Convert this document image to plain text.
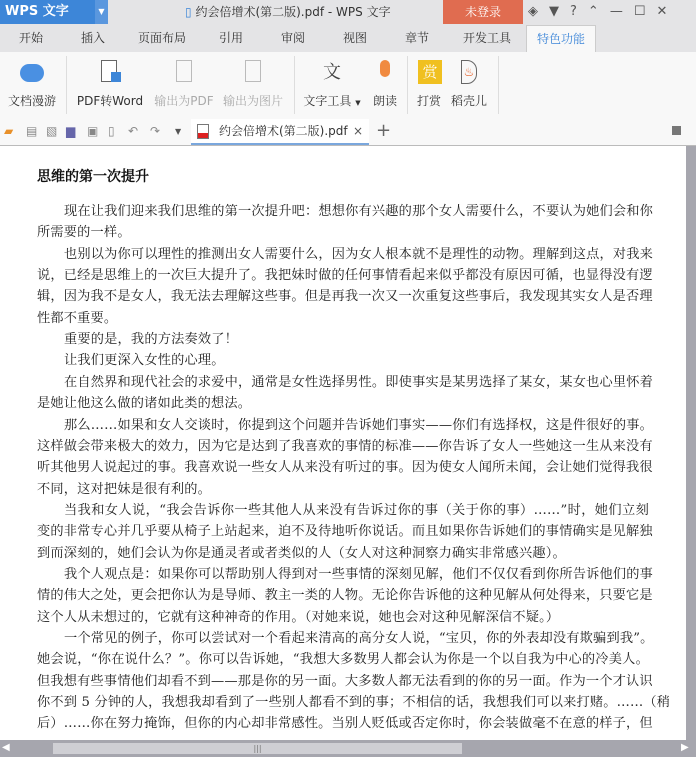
WPS 文字	▼	▯ 约会倍增术(第二版).pdf - WPS 文字	未登录	◈ ▼ ? ⌃ — ☐ ✕
开始	插入	页面布局	引用	审阅	视图	章节	开发工具	特色功能
文档漫游 PDF转Word 输出为PDF 输出为图片
文
文字工具 ▼ 朗读
赏
打赏
♨
稻壳儿
▰ ▤ ▧ ▆ ▣ ▯ ↶ ↷ ▼	约会倍增术(第二版).pdf × +
思维的第一次提升
现在让我们迎来我们思维的第一次提升吧：想想你有兴趣的那个女人需要什么，不要认为她们会和你
所需要的一样。
也别以为你可以理性的推测出女人需要什么，因为女人根本就不是理性的动物。理解到这点，对我来
说，已经是思维上的一次巨大提升了。我把妹时做的任何事情看起来似乎都没有原因可循，也显得没有逻
辑，因为我不是女人，我无法去理解这些事。但是再我一次又一次重复这些事后，我发现其实女人是否理
性都不重要。
重要的是，我的方法奏效了！
让我们更深入女性的心理。
在自然界和现代社会的求爱中，通常是女性选择男性。即使事实是某男选择了某女，某女也心里怀着
是她让他这么做的诸如此类的想法。
那么……如果和女人交谈时，你提到这个问题并告诉她们事实——你们有选择权，这是件很好的事。
这样做会带来极大的效力，因为它是达到了我喜欢的事情的标准——你告诉了女人一些她这一生从来没有
听其他男人说起过的事。我喜欢说一些女人从来没有听过的事。因为使女人闻所未闻，会让她们觉得我很
不同，这对把妹是很有利的。
当我和女人说，“我会告诉你一些其他人从来没有告诉过你的事（关于你的事）……”时，她们立刻
变的非常专心并几乎要从椅子上站起来，迫不及待地听你说话。而且如果你告诉她们的事情确实是见解独
到而深刻的，她们会认为你是通灵者或者类似的人（女人对这种洞察力确实非常感兴趣）。
我个人观点是：如果你可以帮助别人得到对一些事情的深刻见解，他们不仅仅看到你所告诉他们的事
情的伟大之处，更会把你认为是导师、教主一类的人物。无论你告诉他的这种见解从何处得来，只要它是
这个人从未想过的，它就有这种神奇的作用。（对她来说，她也会对这种见解深信不疑。）
一个常见的例子，你可以尝试对一个看起来清高的高分女人说，“宝贝，你的外表却没有欺骗到我”。
她会说，“你在说什么？”。你可以告诉她，“我想大多数男人都会认为你是一个以自我为中心的冷美人。
但我想有些事情他们却看不到——那是你的另一面。大多数人都无法看到的你的另一面。作为一个才认识
你不到 5 分钟的人，我想我却看到了一些别人都看不到的事；不相信的话，我想我们可以来打赌。……（稍
后）……你在努力掩饰，但你的内心却非常感性。当别人贬低或否定你时，你会装做毫不在意的样子，但
◀	|||	▶
